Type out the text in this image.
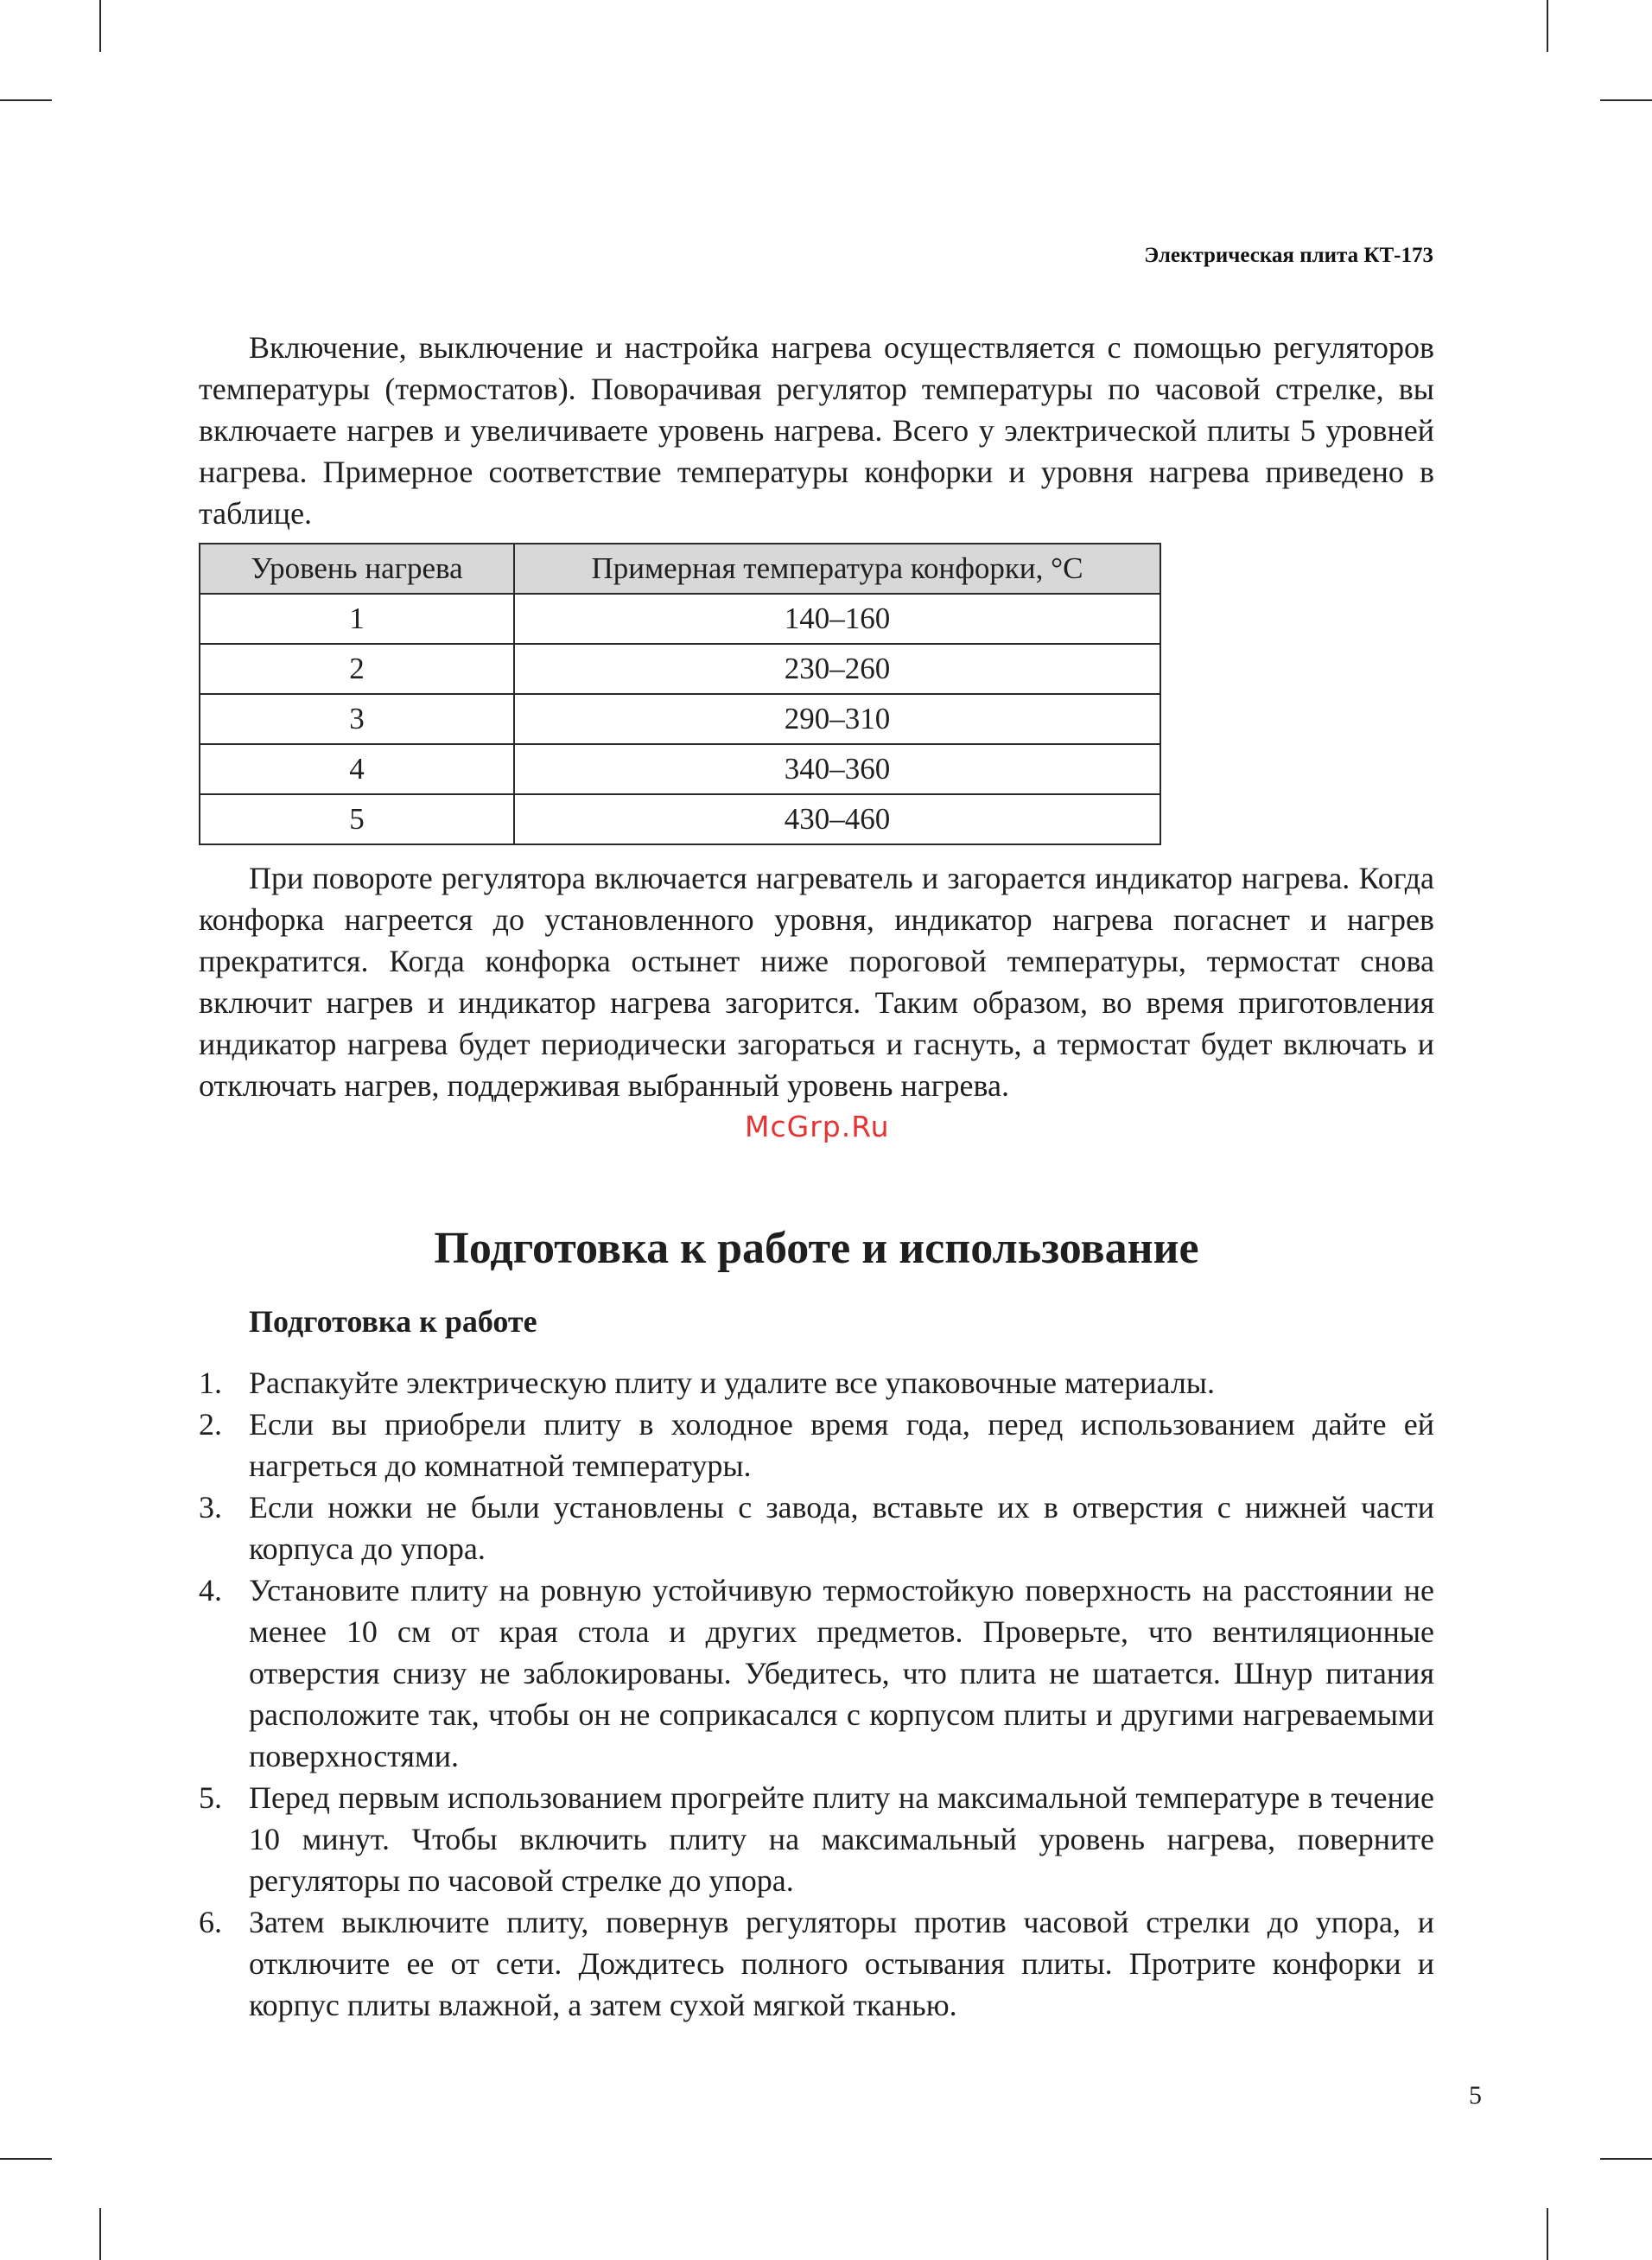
Электрическая плита КТ-173

Включение, выключение и настройка нагрева осуществляется с помощью регуляторов температуры (термостатов). Поворачивая регулятор температуры по часовой стрелке, вы включаете нагрев и увеличиваете уровень нагрева. Всего у электрической плиты 5 уровней нагрева. Примерное соответствие температуры конфорки и уровня нагрева приведено в таблице.

Уровень нагрева	Примерная температура конфорки, °С
1	140–160
2	230–260
3	290–310
4	340–360
5	430–460

При повороте регулятора включается нагреватель и загорается индикатор нагрева. Когда конфорка нагреется до установленного уровня, индикатор нагрева погаснет и нагрев прекратится. Когда конфорка остынет ниже пороговой температуры, термостат снова включит нагрев и индикатор нагрева загорится. Таким образом, во время приготовления индикатор нагрева будет периодически загораться и гаснуть, а термостат будет включать и отключать нагрев, поддерживая выбранный уровень нагрева.

McGrp.Ru
Подготовка к работе и использование
Подготовка к работе
1. Распакуйте электрическую плиту и удалите все упаковочные материалы.
2. Если вы приобрели плиту в холодное время года, перед использованием дайте ей нагреться до комнатной температуры.
3. Если ножки не были установлены с завода, вставьте их в отверстия с нижней части корпуса до упора.
4. Установите плиту на ровную устойчивую термостойкую поверхность на расстоянии не менее 10 см от края стола и других предметов. Проверьте, что вентиляционные отверстия снизу не заблокированы. Убедитесь, что плита не шатается. Шнур питания расположите так, чтобы он не соприкасался с корпусом плиты и другими нагреваемыми поверхностями.
5. Перед первым использованием прогрейте плиту на максимальной температуре в течение 10 минут. Чтобы включить плиту на максимальный уровень нагрева, поверните регуляторы по часовой стрелке до упора.
6. Затем выключите плиту, повернув регуляторы против часовой стрелки до упора, и отключите ее от сети. Дождитесь полного остывания плиты. Протрите конфорки и корпус плиты влажной, а затем сухой мягкой тканью.
5
